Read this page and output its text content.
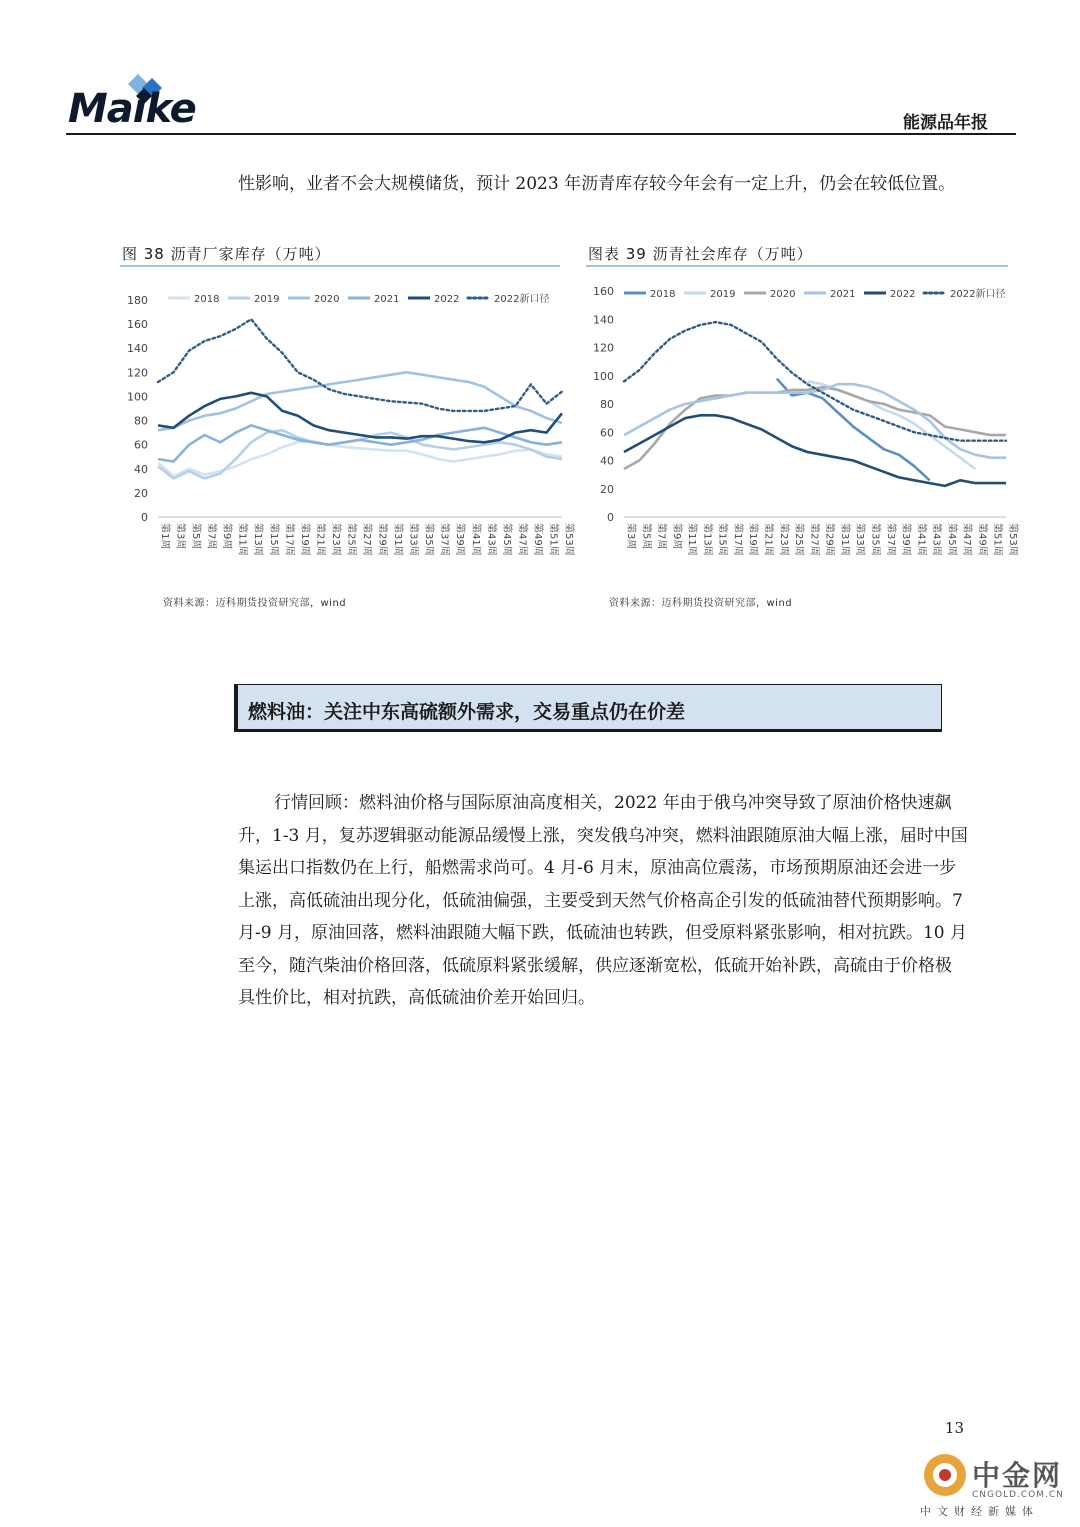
Maike	能源品年报
性影响，业者不会大规模储货，预计 2023 年沥青库存较今年会有一定上升，仍会在较低位置。
图 38 沥青厂家库存（万吨）	图表 39 沥青社会库存（万吨）
0
20
40
60
80
100
120
140
160
180
第1周 第3周 第5周 第7周 第9周 第11周 第13周 第15周 第17周 第19周 第21周 第23周 第25周 第27周 第29周 第31周 第33周 第35周 第37周 第39周 第41周 第43周 第45周 第47周 第49周 第51周 第53周
2018	2019	2020	2021	2022	2022新口径
0
20
40
60
80
100
120
140
160
第3周 第5周 第7周 第9周 第11周 第13周 第15周 第17周 第19周 第21周 第23周 第25周 第27周 第29周 第31周 第33周 第35周 第37周 第39周 第41周 第43周 第45周 第47周 第49周 第51周 第53周
2018	2019	2020	2021	2022	2022新口径
资料来源：迈科期货投资研究部，wind	资料来源：迈科期货投资研究部，wind
燃料油：关注中东高硫额外需求，交易重点仍在价差
行情回顾：燃料油价格与国际原油高度相关，2022 年由于俄乌冲突导致了原油价格快速飙升，1-3 月，复苏逻辑驱动能源品缓慢上涨，突发俄乌冲突，燃料油跟随原油大幅上涨，届时中国集运出口指数仍在上行，船燃需求尚可。4 月-6 月末，原油高位震荡，市场预期原油还会进一步上涨，高低硫油出现分化，低硫油偏强，主要受到天然气价格高企引发的低硫油替代预期影响。7 月-9 月，原油回落，燃料油跟随大幅下跌，低硫油也转跌，但受原料紧张影响，相对抗跌。10 月至今，随汽柴油价格回落，低硫原料紧张缓解，供应逐渐宽松，低硫开始补跌，高硫由于价格极具性价比，相对抗跌，高低硫油价差开始回归。
13
中金网
CNGOLD.COM.CN
中文财经新媒体
